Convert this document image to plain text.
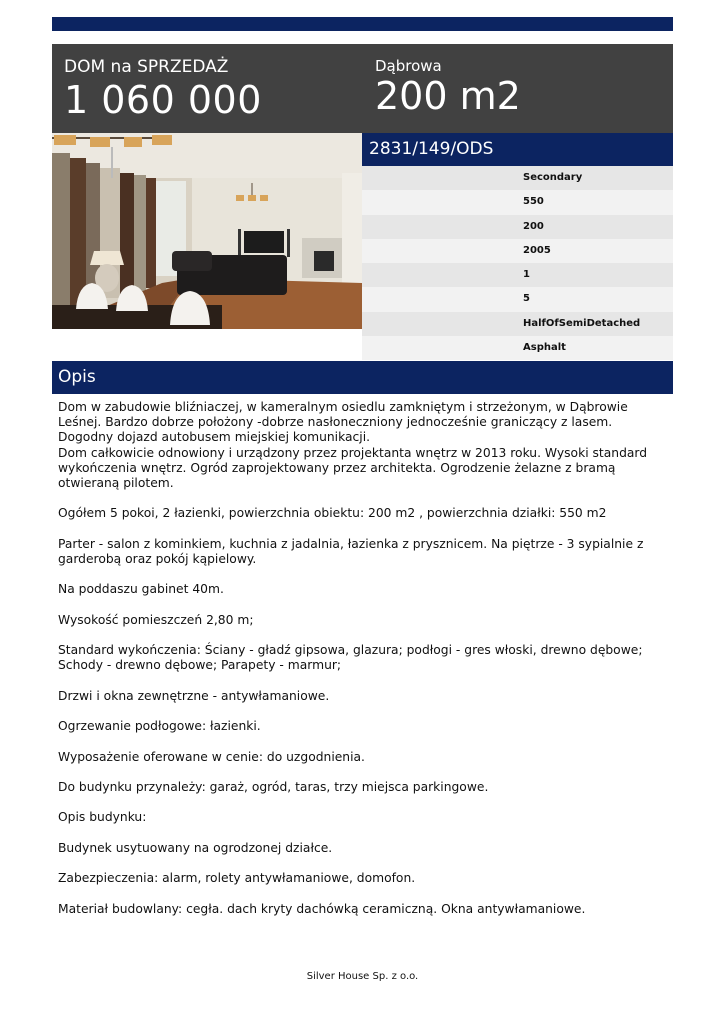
DOM na SPRZEDAŻ
1 060 000
Dąbrowa
200 m2
2831/149/ODS
Secondary
550
200
2005
1
5
HalfOfSemiDetached
Asphalt
Opis

Dom w zabudowie bliźniaczej, w kameralnym osiedlu zamkniętym i strzeżonym, w Dąbrowie Leśnej. Bardzo dobrze położony -dobrze nasłoneczniony jednocześnie graniczący z lasem. Dogodny dojazd autobusem miejskiej komunikacji.
Dom całkowicie odnowiony i urządzony przez projektanta wnętrz w 2013 roku. Wysoki standard wykończenia wnętrz. Ogród zaprojektowany przez architekta. Ogrodzenie żelazne z bramą otwieraną pilotem.

Ogółem 5 pokoi, 2 łazienki, powierzchnia obiektu: 200 m2 , powierzchnia działki: 550 m2

Parter - salon z kominkiem, kuchnia z jadalnia, łazienka z prysznicem. Na piętrze - 3 sypialnie z garderobą oraz pokój kąpielowy.

Na poddaszu gabinet 40m.

Wysokość pomieszczeń 2,80 m;

Standard wykończenia: Ściany - gładź gipsowa, glazura; podłogi - gres włoski, drewno dębowe; Schody - drewno dębowe; Parapety - marmur;

Drzwi i okna zewnętrzne - antywłamaniowe.

Ogrzewanie podłogowe: łazienki.

Wyposażenie oferowane w cenie: do uzgodnienia.

Do budynku przynależy: garaż, ogród, taras, trzy miejsca parkingowe.

Opis budynku:

Budynek usytuowany na ogrodzonej działce.

Zabezpieczenia: alarm, rolety antywłamaniowe, domofon.

Materiał budowlany: cegła. dach kryty dachówką ceramiczną. Okna antywłamaniowe.

Silver House Sp. z o.o.
